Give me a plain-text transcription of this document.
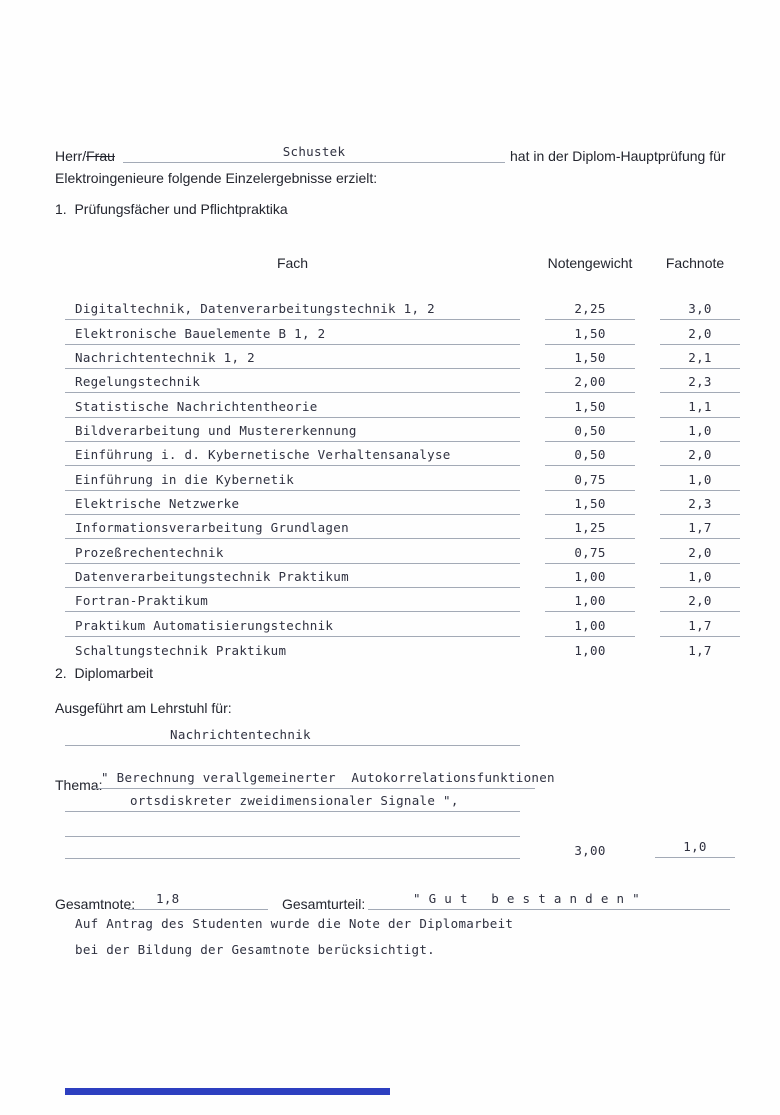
Herr/Frau	Schustek	hat in der Diplom-Hauptprüfung für
Elektroingenieure folgende Einzelergebnisse erzielt:
1.  Prüfungsfächer und Pflichtpraktika
Fach	Notengewicht	Fachnote
Digitaltechnik, Datenverarbeitungstechnik 1, 2	2,25	3,0
Elektronische Bauelemente B 1, 2	1,50	2,0
Nachrichtentechnik 1, 2	1,50	2,1
Regelungstechnik	2,00	2,3
Statistische Nachrichtentheorie	1,50	1,1
Bildverarbeitung und Mustererkennung	0,50	1,0
Einführung i. d. Kybernetische Verhaltensanalyse	0,50	2,0
Einführung in die Kybernetik	0,75	1,0
Elektrische Netzwerke	1,50	2,3
Informationsverarbeitung Grundlagen	1,25	1,7
Prozeßrechentechnik	0,75	2,0
Datenverarbeitungstechnik Praktikum	1,00	1,0
Fortran-Praktikum	1,00	2,0
Praktikum Automatisierungstechnik	1,00	1,7
Schaltungstechnik Praktikum	1,00	1,7
2.  Diplomarbeit
Ausgeführt am Lehrstuhl für:
Nachrichtentechnik
Thema:
" Berechnung verallgemeinerter  Autokorrelationsfunktionen
ortsdiskreter zweidimensionaler Signale ",
3,00	1,0
Gesamtnote: 1,8	Gesamturteil:	" G u t   b e s t a n d e n "
Auf Antrag des Studenten wurde die Note der Diplomarbeit
bei der Bildung der Gesamtnote berücksichtigt.
